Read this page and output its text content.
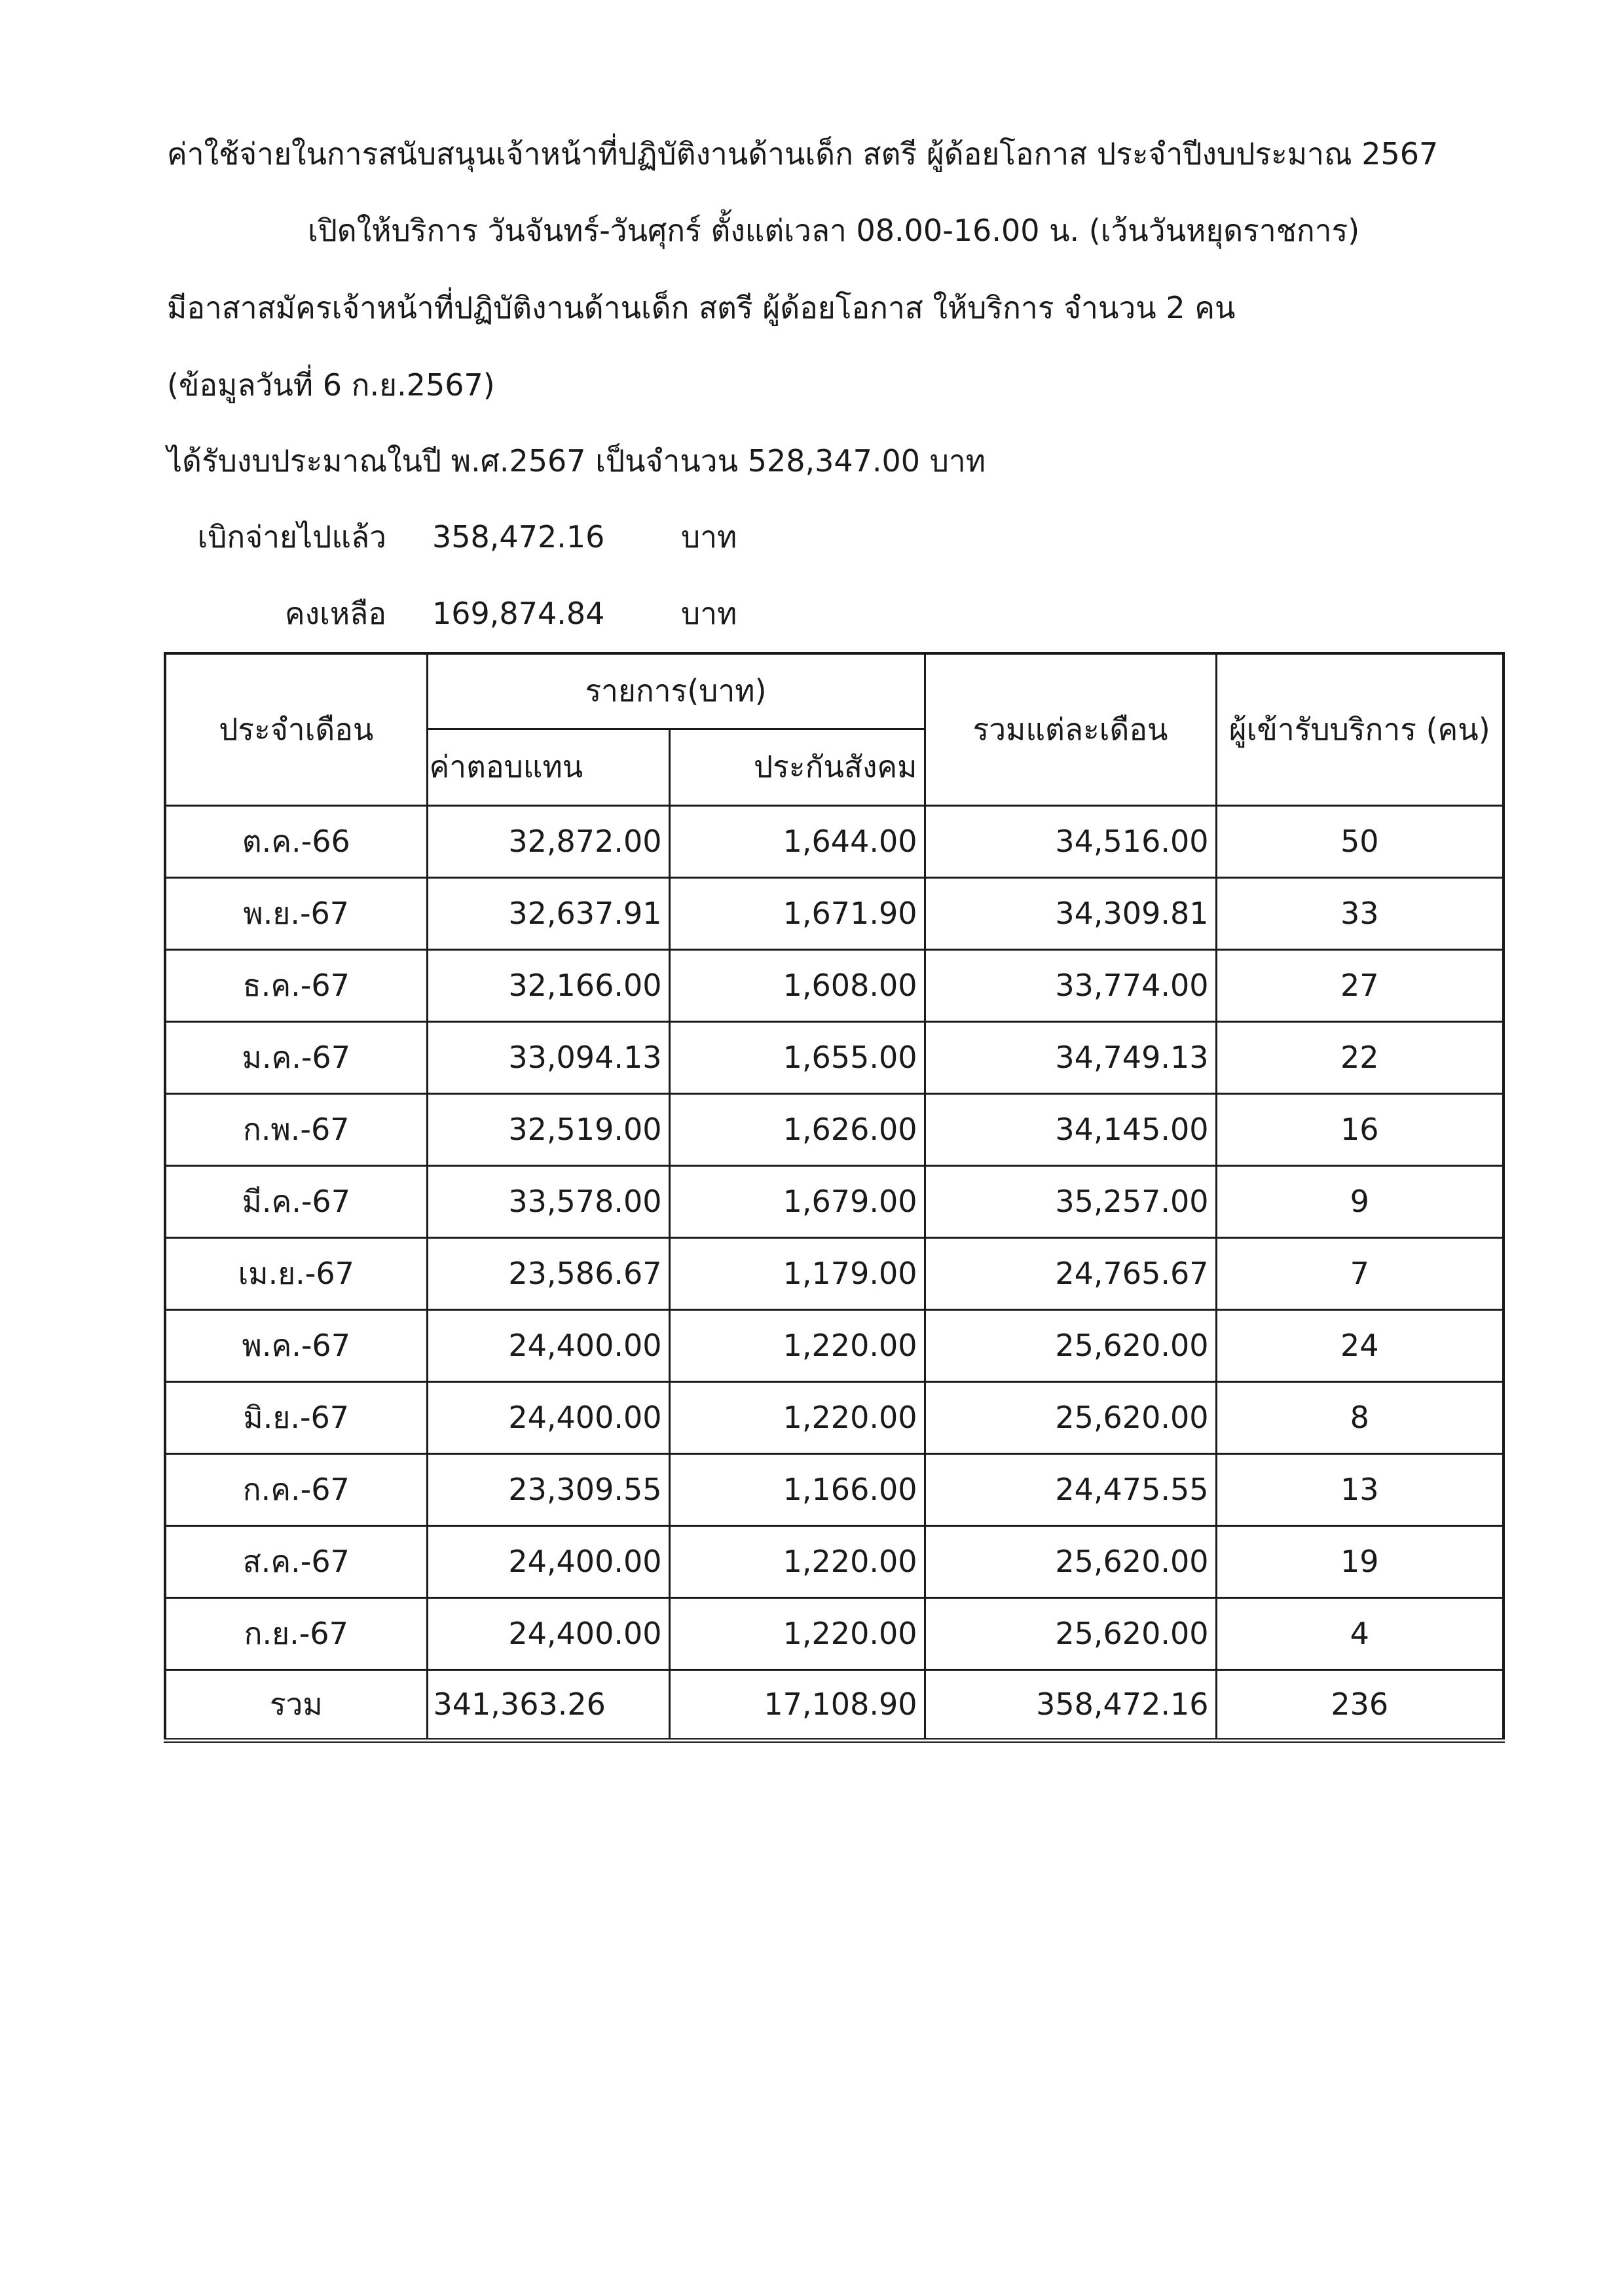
ค่าใช้จ่ายในการสนับสนุนเจ้าหน้าที่ปฏิบัติงานด้านเด็ก สตรี ผู้ด้อยโอกาส ประจำปีงบประมาณ 2567
เปิดให้บริการ วันจันทร์-วันศุกร์ ตั้งแต่เวลา 08.00-16.00 น. (เว้นวันหยุดราชการ)
มีอาสาสมัครเจ้าหน้าที่ปฏิบัติงานด้านเด็ก สตรี ผู้ด้อยโอกาส ให้บริการ จำนวน 2 คน
(ข้อมูลวันที่ 6 ก.ย.2567)
ได้รับงบประมาณในปี พ.ศ.2567 เป็นจำนวน 528,347.00 บาท
เบิกจ่ายไปแล้ว 358,472.16	บาท
คงเหลือ 169,874.84	บาท
ประจำเดือน	รายการ(บาท)		รวมแต่ละเดือน	ผู้เข้ารับบริการ (คน)
	ค่าตอบแทน	ประกันสังคม		
ต.ค.-66	32,872.00	1,644.00	34,516.00	50
พ.ย.-67	32,637.91	1,671.90	34,309.81	33
ธ.ค.-67	32,166.00	1,608.00	33,774.00	27
ม.ค.-67	33,094.13	1,655.00	34,749.13	22
ก.พ.-67	32,519.00	1,626.00	34,145.00	16
มี.ค.-67	33,578.00	1,679.00	35,257.00	9
เม.ย.-67	23,586.67	1,179.00	24,765.67	7
พ.ค.-67	24,400.00	1,220.00	25,620.00	24
มิ.ย.-67	24,400.00	1,220.00	25,620.00	8
ก.ค.-67	23,309.55	1,166.00	24,475.55	13
ส.ค.-67	24,400.00	1,220.00	25,620.00	19
ก.ย.-67	24,400.00	1,220.00	25,620.00	4
รวม	341,363.26	17,108.90	358,472.16	236
